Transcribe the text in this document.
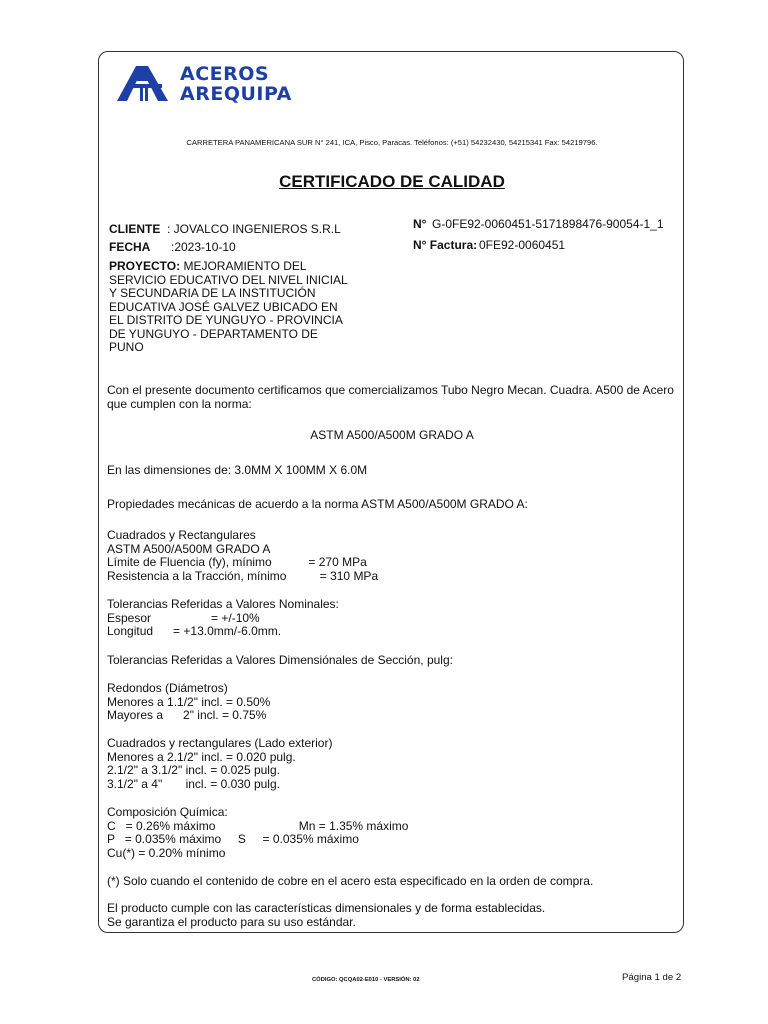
ACEROS
AREQUIPA
CARRETERA PANAMERICANA SUR N° 241, ICA, Pisco, Paracas. Teléfonos: (+51) 54232430, 54215341 Fax: 54219796.
CERTIFICADO DE CALIDAD
CLIENTE : JOVALCO INGENIEROS S.R.L
FECHA :2023-10-10
N° G-0FE92-0060451-5171898476-90054-1_1
N° Factura: 0FE92-0060451
PROYECTO: MEJORAMIENTO DEL SERVICIO EDUCATIVO DEL NIVEL INICIAL Y SECUNDARIA DE LA INSTITUCIÓN EDUCATIVA JOSÉ GALVEZ UBICADO EN EL DISTRITO DE YUNGUYO - PROVINCIA DE YUNGUYO - DEPARTAMENTO DE PUNO
Con el presente documento certificamos que comercializamos Tubo Negro Mecan. Cuadra. A500 de Acero
que cumplen con la norma:
ASTM A500/A500M GRADO A
En las dimensiones de: 3.0MM X 100MM X 6.0M
Propiedades mecánicas de acuerdo a la norma ASTM A500/A500M GRADO A:
Cuadrados y Rectangulares
ASTM A500/A500M GRADO A
Límite de Fluencia (fy), mínimo           = 270 MPa
Resistencia a la Tracción, mínimo          = 310 MPa
Tolerancias Referidas a Valores Nominales:
Espesor                  = +/-10%
Longitud      = +13.0mm/-6.0mm.
Tolerancias Referidas a Valores Dimensiónales de Sección, pulg:
Redondos (Diámetros)
Menores a 1.1/2" incl. = 0.50%
Mayores a      2" incl. = 0.75%
Cuadrados y rectangulares (Lado exterior)
Menores a 2.1/2" incl. = 0.020 pulg.
2.1/2" a 3.1/2" incl. = 0.025 pulg.
3.1/2" a 4"       incl. = 0.030 pulg.
Composición Química:
C   = 0.26% máximo                         Mn = 1.35% máximo
P   = 0.035% máximo     S     = 0.035% máximo
Cu(*) = 0.20% mínimo
(*) Solo cuando el contenido de cobre en el acero esta especificado en la orden de compra.
El producto cumple con las características dimensionales y de forma establecidas.
Se garantiza el producto para su uso estándar.
CÓDIGO: QCQA02-E010 - VERSIÓN: 02	Página 1 de 2
